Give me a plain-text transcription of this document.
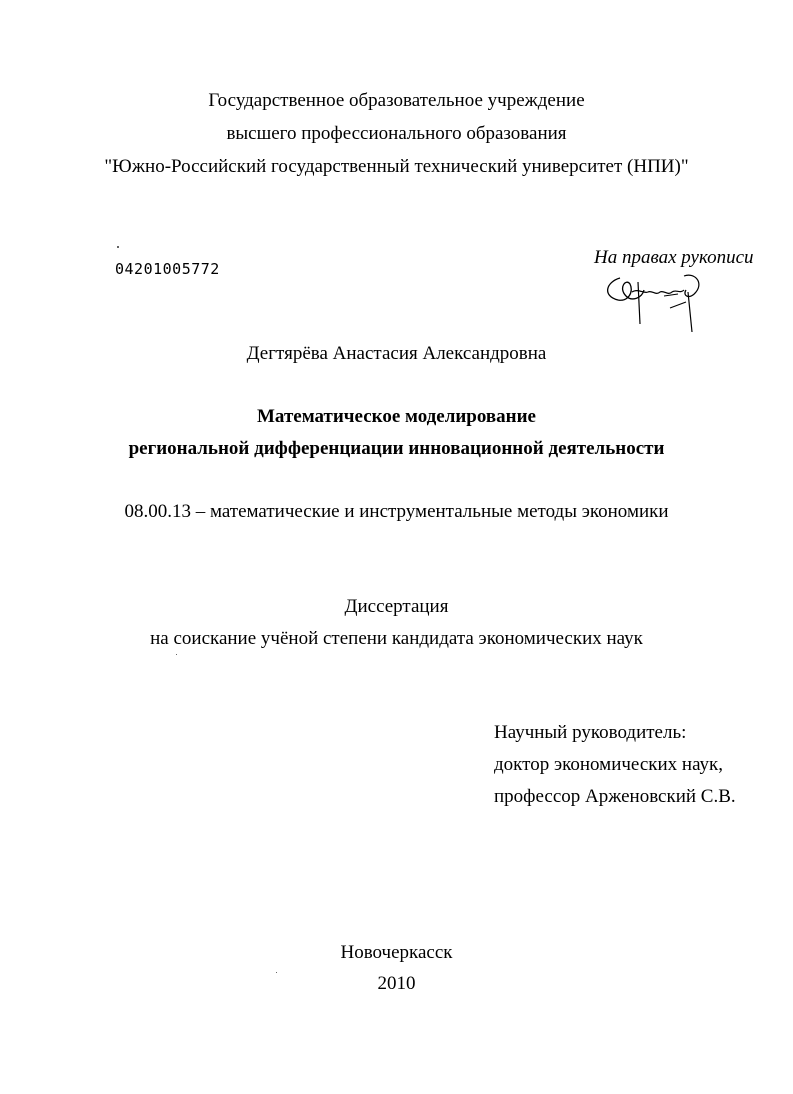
Государственное образовательное учреждение
высшего профессионального образования
"Южно-Российский государственный технический университет (НПИ)"
04201005772
На правах рукописи
Дегтярёва Анастасия Александровна
Математическое моделирование
региональной дифференциации инновационной деятельности
08.00.13 – математические и инструментальные методы экономики
Диссертация
на соискание учёной степени кандидата экономических наук
Научный руководитель:
доктор экономических наук,
профессор Арженовский С.В.
Новочеркасск
2010
